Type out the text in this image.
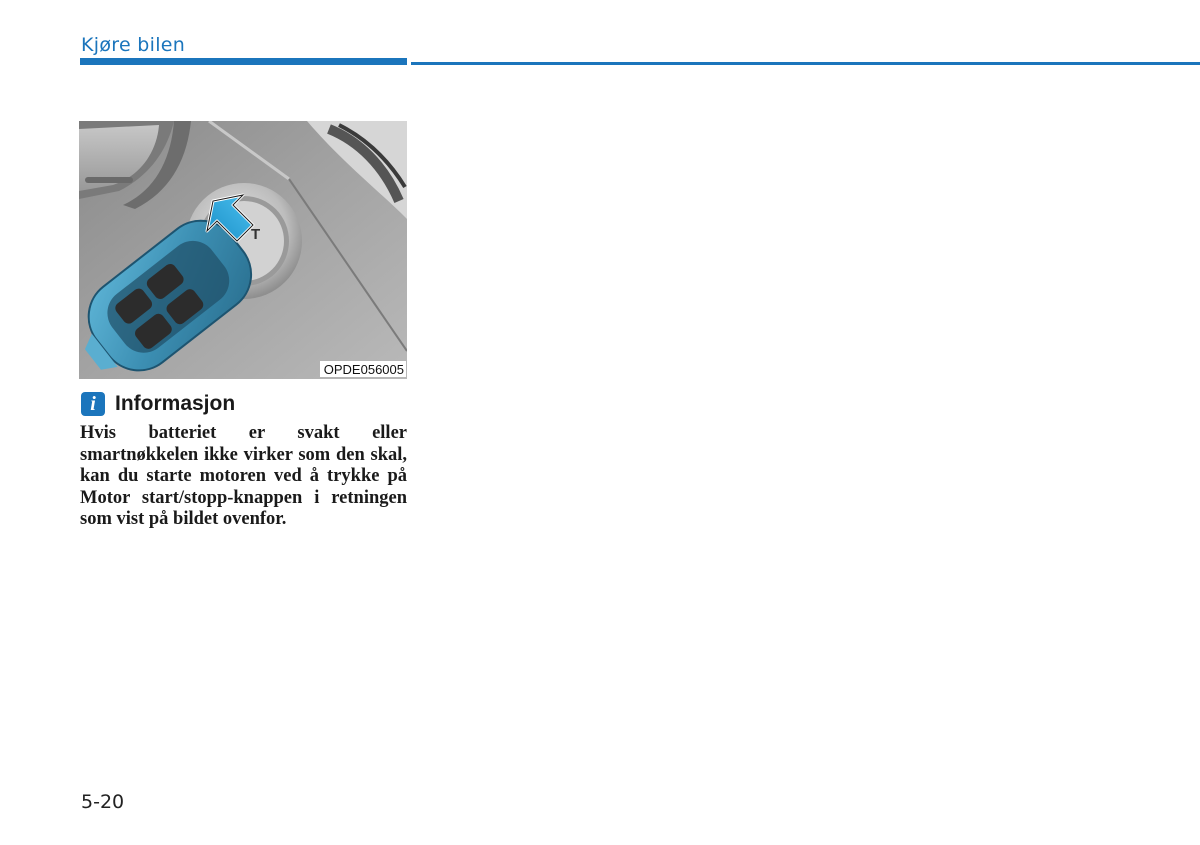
Kjøre bilen
T
OPDE056005
i Informasjon

Hvis batteriet er svakt eller smartnøkkelen ikke virker som den skal, kan du starte motoren ved å trykke på Motor start/stopp-knappen i retningen som vist på bildet ovenfor.

5-20
